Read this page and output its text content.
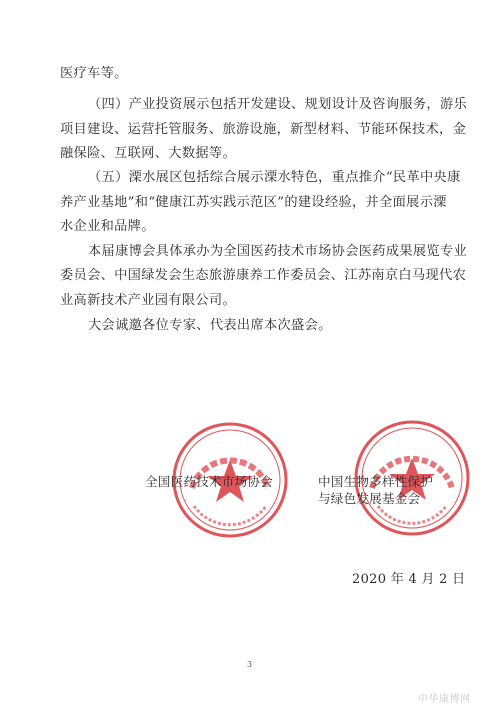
医疗车等。
（四）产业投资展示包括开发建设、规划设计及咨询服务，游乐
项目建设、运营托管服务、旅游设施，新型材料、节能环保技术，金
融保险、互联网、大数据等。
（五）溧水展区包括综合展示溧水特色，重点推介“民革中央康
养产业基地”和“健康江苏实践示范区”的建设经验，并全面展示溧
水企业和品牌。
本届康博会具体承办为全国医药技术市场协会医药成果展览专业
委员会、中国绿发会生态旅游康养工作委员会、江苏南京白马现代农
业高新技术产业园有限公司。
大会诚邀各位专家、代表出席本次盛会。
全国医药技术市场协会	中国生物多样性保护
与绿色发展基金会
2020 年 4 月 2 日
3
中华康博网
